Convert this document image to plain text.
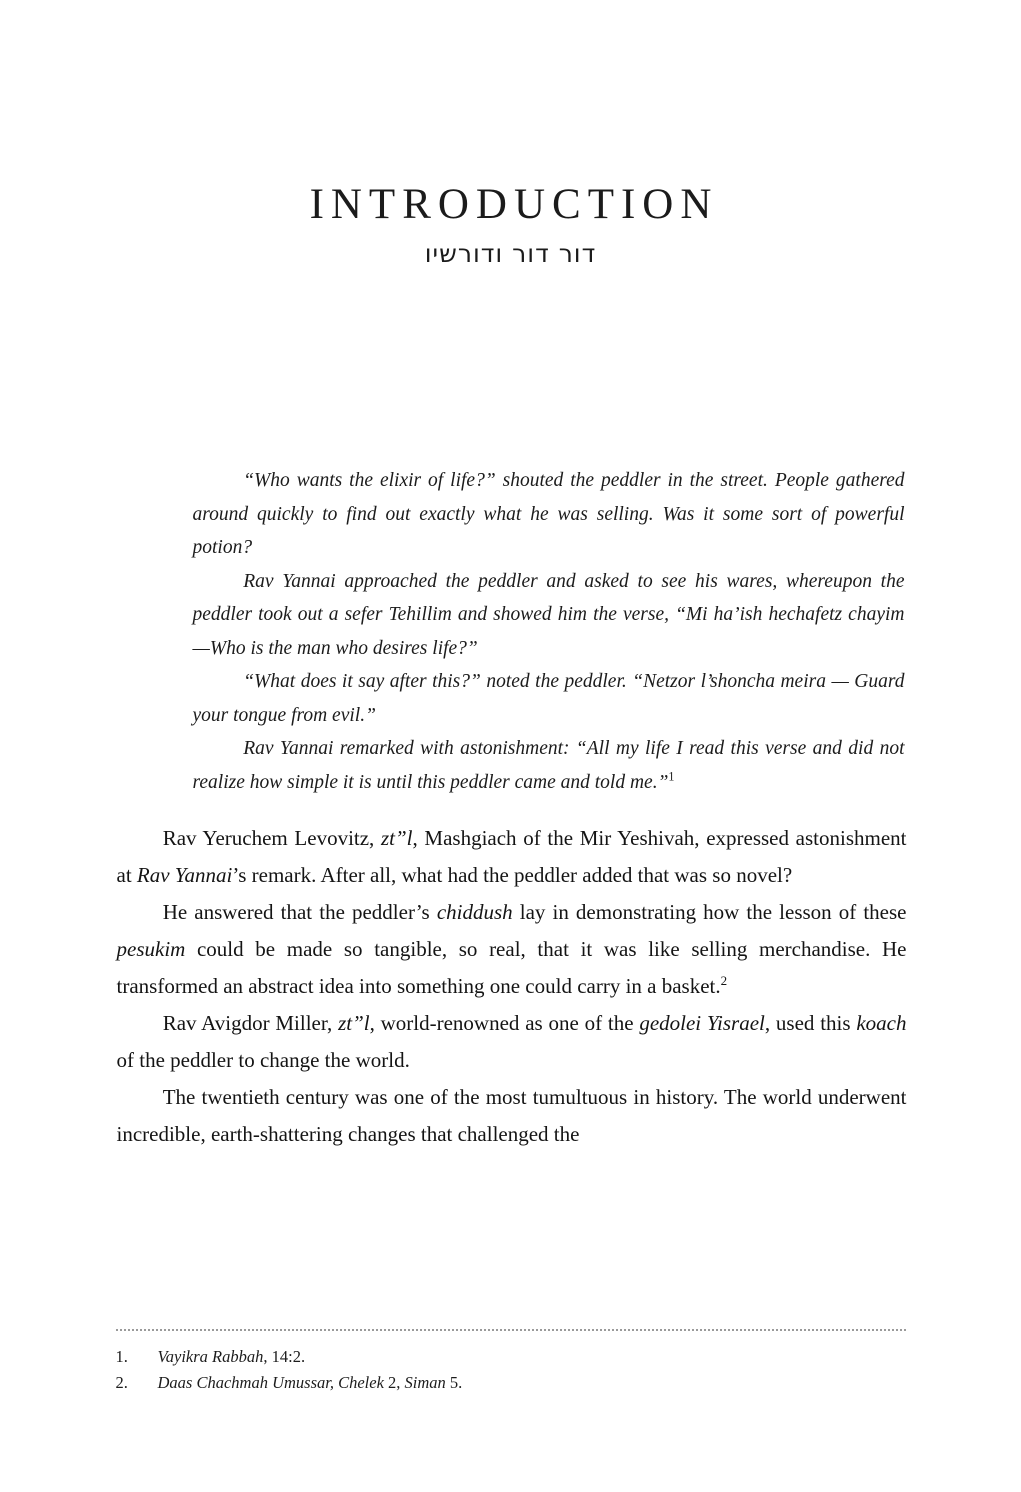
INTRODUCTION
דור דור ודורשיו

“Who wants the elixir of life?” shouted the peddler in the street. People gathered around quickly to find out exactly what he was selling. Was it some sort of powerful potion?

Rav Yannai approached the peddler and asked to see his wares, whereupon the peddler took out a sefer Tehillim and showed him the verse, “Mi ha’ish hechafetz chayim —Who is the man who desires life?”

“What does it say after this?” noted the peddler. “Netzor l’shoncha meira — Guard your tongue from evil.”

Rav Yannai remarked with astonishment: “All my life I read this verse and did not realize how simple it is until this peddler came and told me.”$^1$

Rav Yeruchem Levovitz, zt”l, Mashgiach of the Mir Yeshivah, expressed astonishment at Rav Yannai’s remark. After all, what had the peddler added that was so novel?

He answered that the peddler’s chiddush lay in demonstrating how the lesson of these pesukim could be made so tangible, so real, that it was like selling merchandise. He transformed an abstract idea into something one could carry in a basket.$^2$

Rav Avigdor Miller, zt”l, world-renowned as one of the gedolei Yisrael, used this koach of the peddler to change the world.

The twentieth century was one of the most tumultuous in history. The world underwent incredible, earth-shattering changes that challenged the

1.	Vayikra Rabbah, 14:2.
2.	Daas Chachmah Umussar, Chelek 2, Siman 5.
